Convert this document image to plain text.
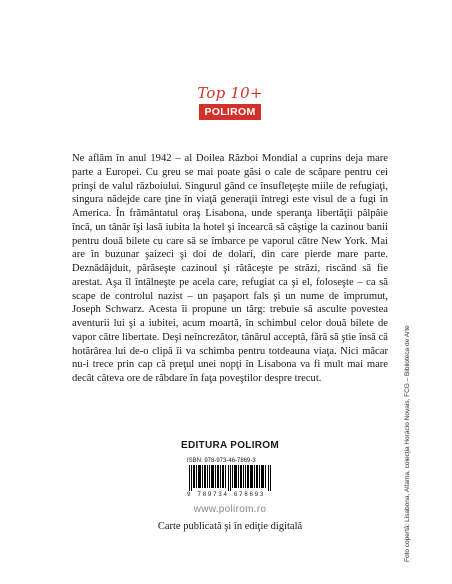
Top 10+
POLIROM

Ne aflăm în anul 1942 – al Doilea Război Mondial a cuprins deja mare parte a Europei. Cu greu se mai poate găsi o cale de scăpare pentru cei prinşi de valul războiului. Singurul gând ce însufleţeşte miile de refugiaţi, singura nădejde care ţine în viaţă generaţii întregi este visul de a fugi în America. În frământatul oraş Lisabona, unde speranţa libertăţii pâlpâie încă, un tânăr îşi lasă iubita la hotel şi încearcă să câştige la cazinou banii pentru două bilete cu care să se îmbarce pe vaporul către New York. Mai are în buzunar şaizeci şi doi de dolari, din care pierde mare parte. Deznădăjduit, părăseşte cazinoul şi rătăceşte pe străzi, riscând să fie arestat. Aşa îl întâlneşte pe acela care, refugiat ca şi el, foloseşte – ca să scape de controlul nazist – un paşaport fals şi un nume de împrumut, Joseph Schwarz. Acesta îi propune un târg: trebuie să asculte povestea aventurii lui şi a iubitei, acum moartă, în schimbul celor două bilete de vapor către libertate. Deşi neîncrezător, tânărul acceptă, fără să ştie însă că hotărârea lui de-o clipă îi va schimba pentru totdeauna viaţa. Nici măcar nu-i trece prin cap că preţul unei nopţi în Lisabona va fi mult mai mare decât câteva ore de răbdare în faţa poveştilor despre trecut.

EDITURA POLIROM
ISBN: 978-973-46-7869-3
9 789734 678693
www.polirom.ro
Carte publicată şi în ediţie digitală	Foto copertă: Lisabona, Alfama, colecţia Horácio Novais, FCG – Biblioteca de Arte
